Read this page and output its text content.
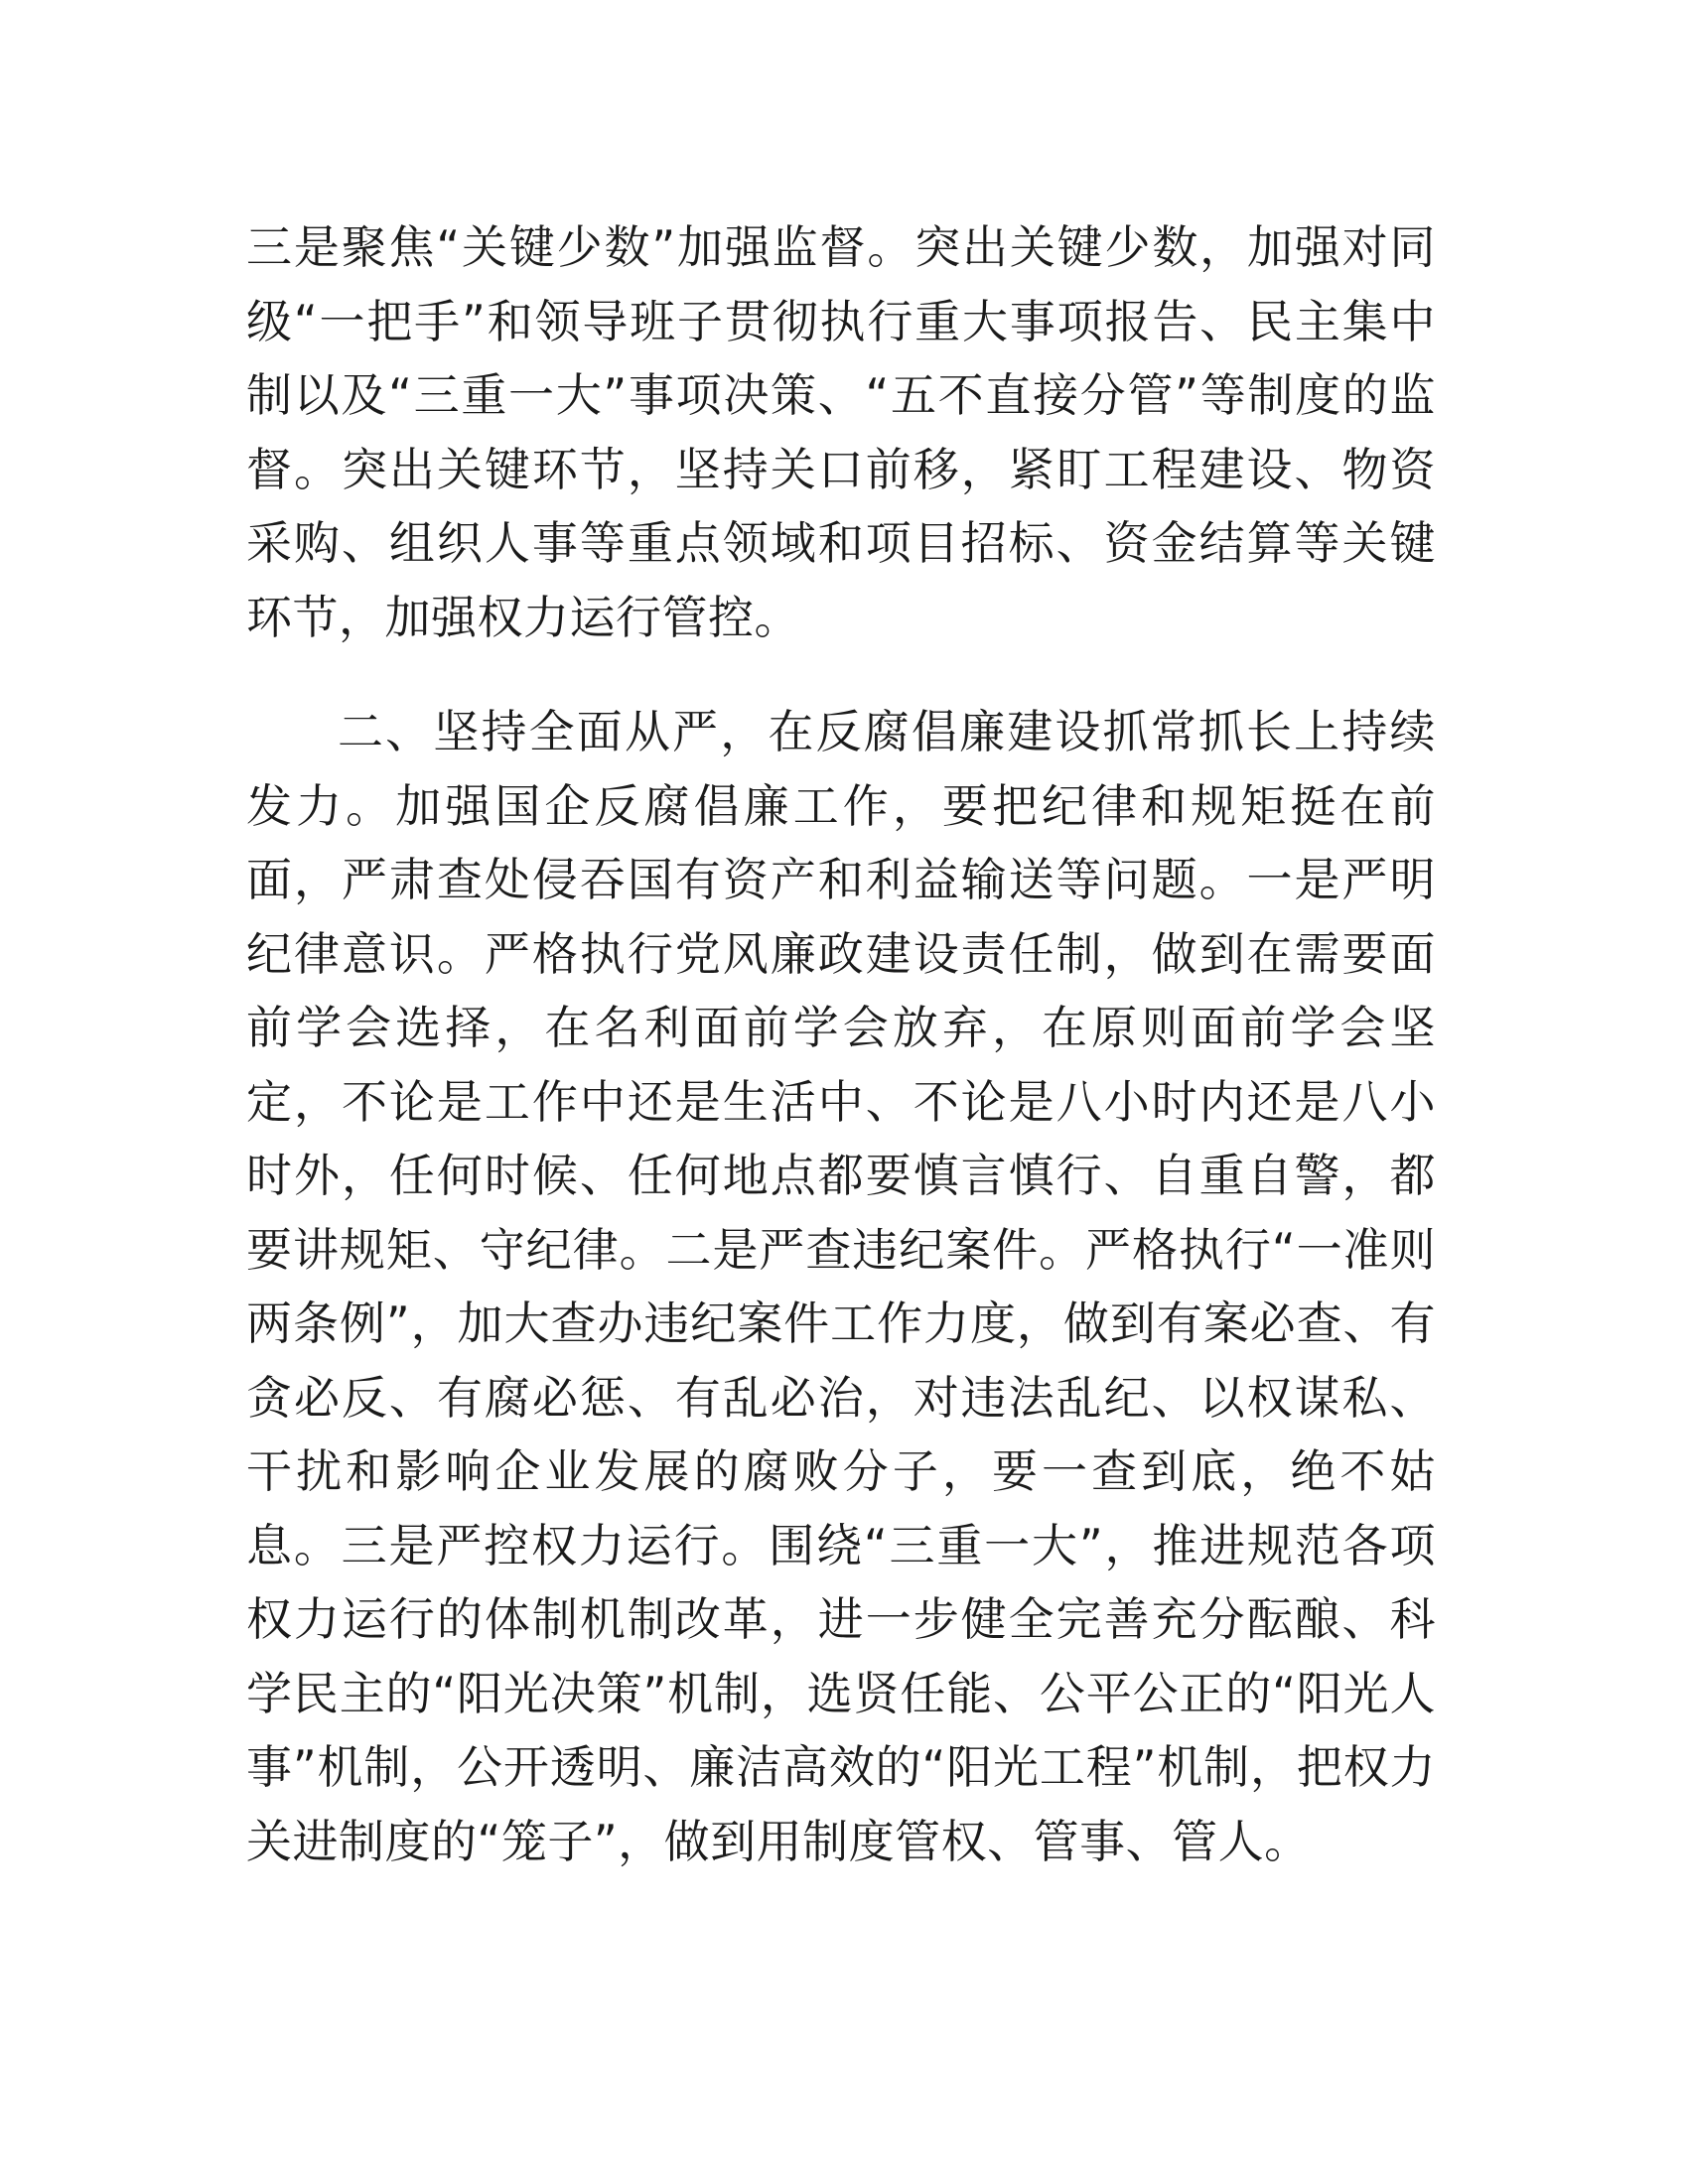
三是聚焦“关键少数”加强监督。突出关键少数，加强对同级“一把手”和领导班子贯彻执行重大事项报告、民主集中制以及“三重一大”事项决策、“五不直接分管”等制度的监督。突出关键环节，坚持关口前移，紧盯工程建设、物资采购、组织人事等重点领域和项目招标、资金结算等关键环节，加强权力运行管控。

二、坚持全面从严，在反腐倡廉建设抓常抓长上持续发力。加强国企反腐倡廉工作，要把纪律和规矩挺在前面，严肃查处侵吞国有资产和利益输送等问题。一是严明纪律意识。严格执行党风廉政建设责任制，做到在需要面前学会选择，在名利面前学会放弃，在原则面前学会坚定，不论是工作中还是生活中、不论是八小时内还是八小时外，任何时候、任何地点都要慎言慎行、自重自警，都要讲规矩、守纪律。二是严查违纪案件。严格执行“一准则两条例”，加大查办违纪案件工作力度，做到有案必查、有贪必反、有腐必惩、有乱必治，对违法乱纪、以权谋私、干扰和影响企业发展的腐败分子，要一查到底，绝不姑息。三是严控权力运行。围绕“三重一大”，推进规范各项权力运行的体制机制改革，进一步健全完善充分酝酿、科学民主的“阳光决策”机制，选贤任能、公平公正的“阳光人事”机制，公开透明、廉洁高效的“阳光工程”机制，把权力关进制度的“笼子”，做到用制度管权、管事、管人。
